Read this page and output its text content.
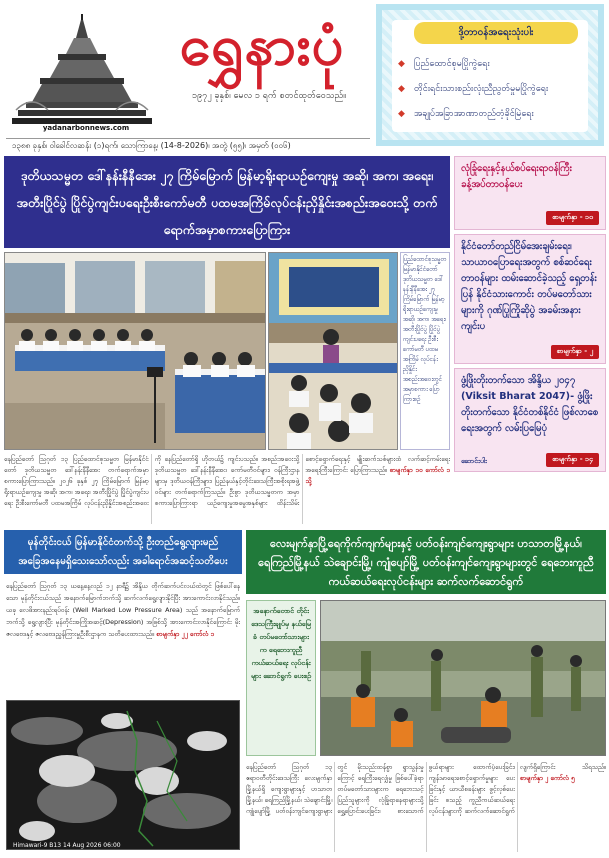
ရွှေနားပုံ
၁၉၇၂ ခုနှစ်၊ မေလ ၁ ရက် စတင်ထုတ်ဝေသည်။
yadanarbonnews.com
၁၃၈၈ ခုနှစ်၊ ဝါခေါင်လဆန်း (၁)ရက်၊ သောကြာနေ့၊ (14-8-2026)၊ အတွဲ (၅၅)၊ အမှတ် (၀၀၆)
ဒို့တာဝန်အရေးသုံးပါး
◆ ပြည်ထောင်စုမပြိုကွဲရေး
◆ တိုင်းရင်းသားစည်းလုံးညီညွတ်မှုမပြိုကွဲရေး
◆ အချုပ်အခြာအာဏာတည်တံ့ခိုင်မြဲရေး
ဒုတိယသမ္မတ ဒေါ်နန်းနီနီအေး ၂၇ ကြိမ်မြောက် မြန်မာ့ရိုးရာယဉ်ကျေးမှု အဆို၊ အက၊ အရေး၊ အတီးပြိုင်ပွဲ ပြိုင်ပွဲကျင်းပရေးဦးစီးကော်မတီ ပထမအကြိမ်လုပ်ငန်းညှိနှိုင်းအစည်းအဝေးသို့ တက်ရောက်အမှာစကားပြောကြား
ပြည်ထောင်စုသမ္မတ မြန်မာနိုင်ငံတော် ဒုတိယသမ္မတ ဒေါ်နန်းနီနီအေး ၂၇ ကြိမ်မြောက် မြန်မာ့ရိုးရာယဉ်ကျေးမှု အဆို၊ အက၊ အရေး၊ အတီးပြိုင်ပွဲ ပြိုင်ပွဲကျင်းပရေး ဦးစီးကော်မတီ ပထမအကြိမ် လုပ်ငန်းညှိနှိုင်း အစည်းအဝေးတွင် အမှာစကား ပြောကြားစဉ်
နေပြည်တော် ဩဂုတ် ၁၃ ပြည်ထောင်စုသမ္မတ မြန်မာနိုင်ငံတော် ဒုတိယသမ္မတ ဒေါ်နန်းနီနီအေး တက်ရောက်အမှာစကားပြောကြားသည်။ ၂၀၂၆ ခုနှစ် ၂၇ ကြိမ်မြောက် မြန်မာ့ရိုးရာယဉ်ကျေးမှု အဆို၊ အက၊ အရေး၊ အတီးပြိုင်ပွဲ ပြိုင်ပွဲကျင်းပရေး ဦးစီးကော်မတီ ပထမအကြိမ် လုပ်ငန်းညှိနှိုင်းအစည်းအဝေးကို နေပြည်တော်ရှိ ဟိုတယ်၌ ကျင်းပသည်။ အစည်းအဝေးသို့ ဒုတိယသမ္မတ ဒေါ်နန်းနီနီအေး၊ ကော်မတီဝင်များ၊ ဝန်ကြီးဌာနများမှ ဒုတိယဝန်ကြီးများ၊ ပြည်နယ်နှင့်တိုင်းဒေသကြီးအစိုးရအဖွဲ့ဝင်များ တက်ရောက်ကြသည်။ ဦးစွာ ဒုတိယသမ္မတက အမှာစကားပြောကြားရာ ယဉ်ကျေးမှုအမွေအနှစ်များ ထိန်းသိမ်းစောင့်ရှောက်ရေးနှင့် မျိုးဆက်သစ်များထံ လက်ဆင့်ကမ်းရေး အရေးကြီးကြောင်း ပြောကြားသည်။ စာမျက်နှာ ၁၀ ကော်လံ ၁ သို့
လုံခြုံရေးနှင့်နယ်စပ်ရေးရာဝန်ကြီး ခန့်အပ်တာဝန်ပေး
စာမျက်နှာ - ၁၀
နိုင်ငံတော်တည်ငြိမ်အေးချမ်းရေး၊ သာယာဝပြောရေးအတွက် စစ်ဆင်ရေးတာဝန်များ ထမ်းဆောင်ခဲ့သည့် ရှေ့တန်းပြန် နိုင်ငံသားကောင်း တပ်မတော်သားများကို ဂုဏ်ပြုကြိုဆိုပွဲ အခမ်းအနား ကျင်းပ
စာမျက်နှာ - ၂
ဖွံ့ဖြိုးတိုးတက်သော အိန္ဒိယ ၂၀၄၇ (Viksit Bharat 2047)- ဖွံ့ဖြိုးတိုးတက်သော နိုင်ငံတစ်နိုင်ငံ ဖြစ်လာစေရေးအတွက် လမ်းပြမြေပုံ
ဆောင်းပါး	စာမျက်နှာ - ၁၄
မုန်တိုင်းငယ် မြန်မာနိုင်ငံတက်သို့ ဦးတည်ရွေ့လျားမည် အခြေအနေမရှိသေးသော်လည်း အခါရောင်အဆင့်သတိပေး
နေပြည်တော် ဩဂုတ် ၁၃ ယနေ့နေ့လည် ၁၂ နာရီ၌ အိန္ဒိယ တိုက်ဆက်ပင်လယ်ထဲတွင် ဖြစ်ပေါ်နေသော မုန်တိုင်းငယ်သည် အနောက်မြောက်ဘက်သို့ ဆက်လက်ရွေ့လျားနိုင်ပြီး အားကောင်းလာနိုင်သည်။ ယခု လေဖိအားနည်းရပ်ဝန်း (Well Marked Low Pressure Area) သည် အနောက်မြောက်ဘက်သို့ ရွေ့လျားပြီး မုန်တိုင်းအကြိုအဆင့်(Depression) အဖြစ်သို့ အားကောင်းလာနိုင်ကြောင်း မိုးဇလဗေဒနှင့် ဇလဗေဒညွှန်ကြားမှုဦးစီးဌာနက သတိပေးထားသည်။ စာမျက်နှာ ၂၂ ကော်လံ ၁
Himawari-9 B13 14 Aug 2026 06:00
လေးမျက်နှာပြို့ရေကိုက်ကျက်များနှင့် ပတ်ဝန်းကျင်ကျေးရွာများ ဟသာတမြို့နယ်၊ ရေကြည်မြို့နယ် သဲချောင်းမြို့၊ ကျုံပျော်မြို့ ပတ်ဝန်းကျင်ကျေးရွာများတွင် ရေဘေးကူညီကယ်ဆယ်ရေးလုပ်ငန်းများ ဆက်လက်ဆောင်ရွက်
အနောက်တောင် တိုင်းဒေသကြီးချုပ်မှ နယ်မြေခံ တပ်မတော်သားများက ရေဘေးကူညီ ကယ်ဆယ်ရေး လုပ်ငန်းများ ဆောင်ရွက် ပေးစဉ်
နေပြည်တော် ဩဂုတ် ၁၃ ဧရာဝတီတိုင်းဒေသကြီး လေးမျက်နှာမြို့နယ်ရှိ ကျေးရွာများနှင့် ဟသာတမြို့နယ်၊ ရေကြည်မြို့နယ်၊ သဲချောင်းမြို့၊ ကျုံပျော်မြို့ ပတ်ဝန်းကျင်ကျေးရွာများတွင် မိုးသည်းထန်စွာ ရွာသွန်းမှုကြောင့် ရေကြီးရေလျှံမှု ဖြစ်ပေါ်ခဲ့ရာ တပ်မတော်သားများက ရေဘေးသင့်ပြည်သူများကို လုံခြုံရာနေရာများသို့ ရွှေ့ပြောင်းပေးခြင်း၊ စားသောက်ဖွယ်ရာများ ထောက်ပံ့ပေးခြင်း၊ ကျန်းမာရေးစောင့်ရှောက်မှုများ ပေးခြင်းနှင့် ယာယီစခန်းများ ဖွင့်လှစ်ပေးခြင်း စသည့် ကူညီကယ်ဆယ်ရေးလုပ်ငန်းများကို ဆက်လက်ဆောင်ရွက်လျက်ရှိကြောင်း သိရသည်။ စာမျက်နှာ ၂ ကော်လံ ၅
